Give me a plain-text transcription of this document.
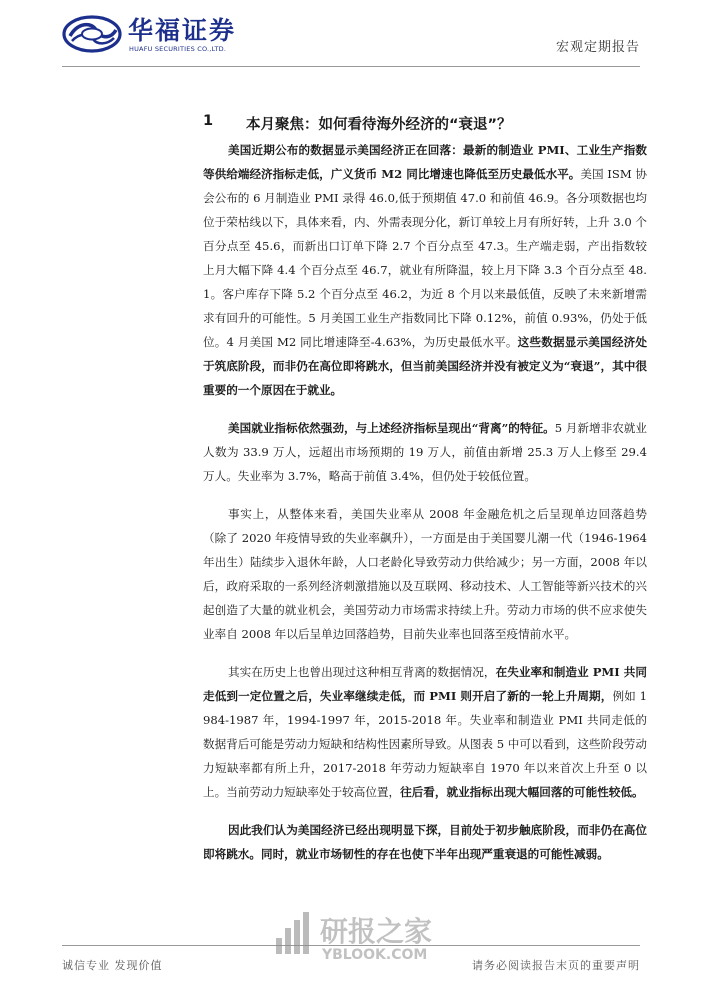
华福证券
HUAFU SECURITIES CO.,LTD.	宏观定期报告
1 本月聚焦：如何看待海外经济的“衰退”？

美国近期公布的数据显示美国经济正在回落：最新的制造业 PMI、工业生产指数等供给端经济指标走低，广义货币 M2 同比增速也降低至历史最低水平。美国 ISM 协会公布的 6 月制造业 PMI 录得 46.0,低于预期值 47.0 和前值 46.9。各分项数据也均位于荣枯线以下，具体来看，内、外需表现分化，新订单较上月有所好转，上升 3.0 个百分点至 45.6，而新出口订单下降 2.7 个百分点至 47.3。生产端走弱，产出指数较上月大幅下降 4.4 个百分点至 46.7，就业有所降温，较上月下降 3.3 个百分点至 48.1。客户库存下降 5.2 个百分点至 46.2，为近 8 个月以来最低值，反映了未来新增需求有回升的可能性。5 月美国工业生产指数同比下降 0.12%，前值 0.93%，仍处于低位。4 月美国 M2 同比增速降至-4.63%，为历史最低水平。这些数据显示美国经济处于筑底阶段，而非仍在高位即将跳水，但当前美国经济并没有被定义为“衰退”，其中很重要的一个原因在于就业。

美国就业指标依然强劲，与上述经济指标呈现出“背离”的特征。5 月新增非农就业人数为 33.9 万人，远超出市场预期的 19 万人，前值由新增 25.3 万人上修至 29.4 万人。失业率为 3.7%，略高于前值 3.4%，但仍处于较低位置。

事实上，从整体来看，美国失业率从 2008 年金融危机之后呈现单边回落趋势（除了 2020 年疫情导致的失业率飙升），一方面是由于美国婴儿潮一代（1946-1964 年出生）陆续步入退休年龄，人口老龄化导致劳动力供给减少；另一方面，2008 年以后，政府采取的一系列经济刺激措施以及互联网、移动技术、人工智能等新兴技术的兴起创造了大量的就业机会，美国劳动力市场需求持续上升。劳动力市场的供不应求使失业率自 2008 年以后呈单边回落趋势，目前失业率也回落至疫情前水平。

其实在历史上也曾出现过这种相互背离的数据情况，在失业率和制造业 PMI 共同走低到一定位置之后，失业率继续走低，而 PMI 则开启了新的一轮上升周期，例如 1984-1987 年，1994-1997 年，2015-2018 年。失业率和制造业 PMI 共同走低的数据背后可能是劳动力短缺和结构性因素所导致。从图表 5 中可以看到，这些阶段劳动力短缺率都有所上升，2017-2018 年劳动力短缺率自 1970 年以来首次上升至 0 以上。当前劳动力短缺率处于较高位置，往后看，就业指标出现大幅回落的可能性较低。

因此我们认为美国经济已经出现明显下探，目前处于初步触底阶段，而非仍在高位即将跳水。同时，就业市场韧性的存在也使下半年出现严重衰退的可能性减弱。

研报之家
YBLOOK.COM
诚信专业 发现价值	请务必阅读报告末页的重要声明
